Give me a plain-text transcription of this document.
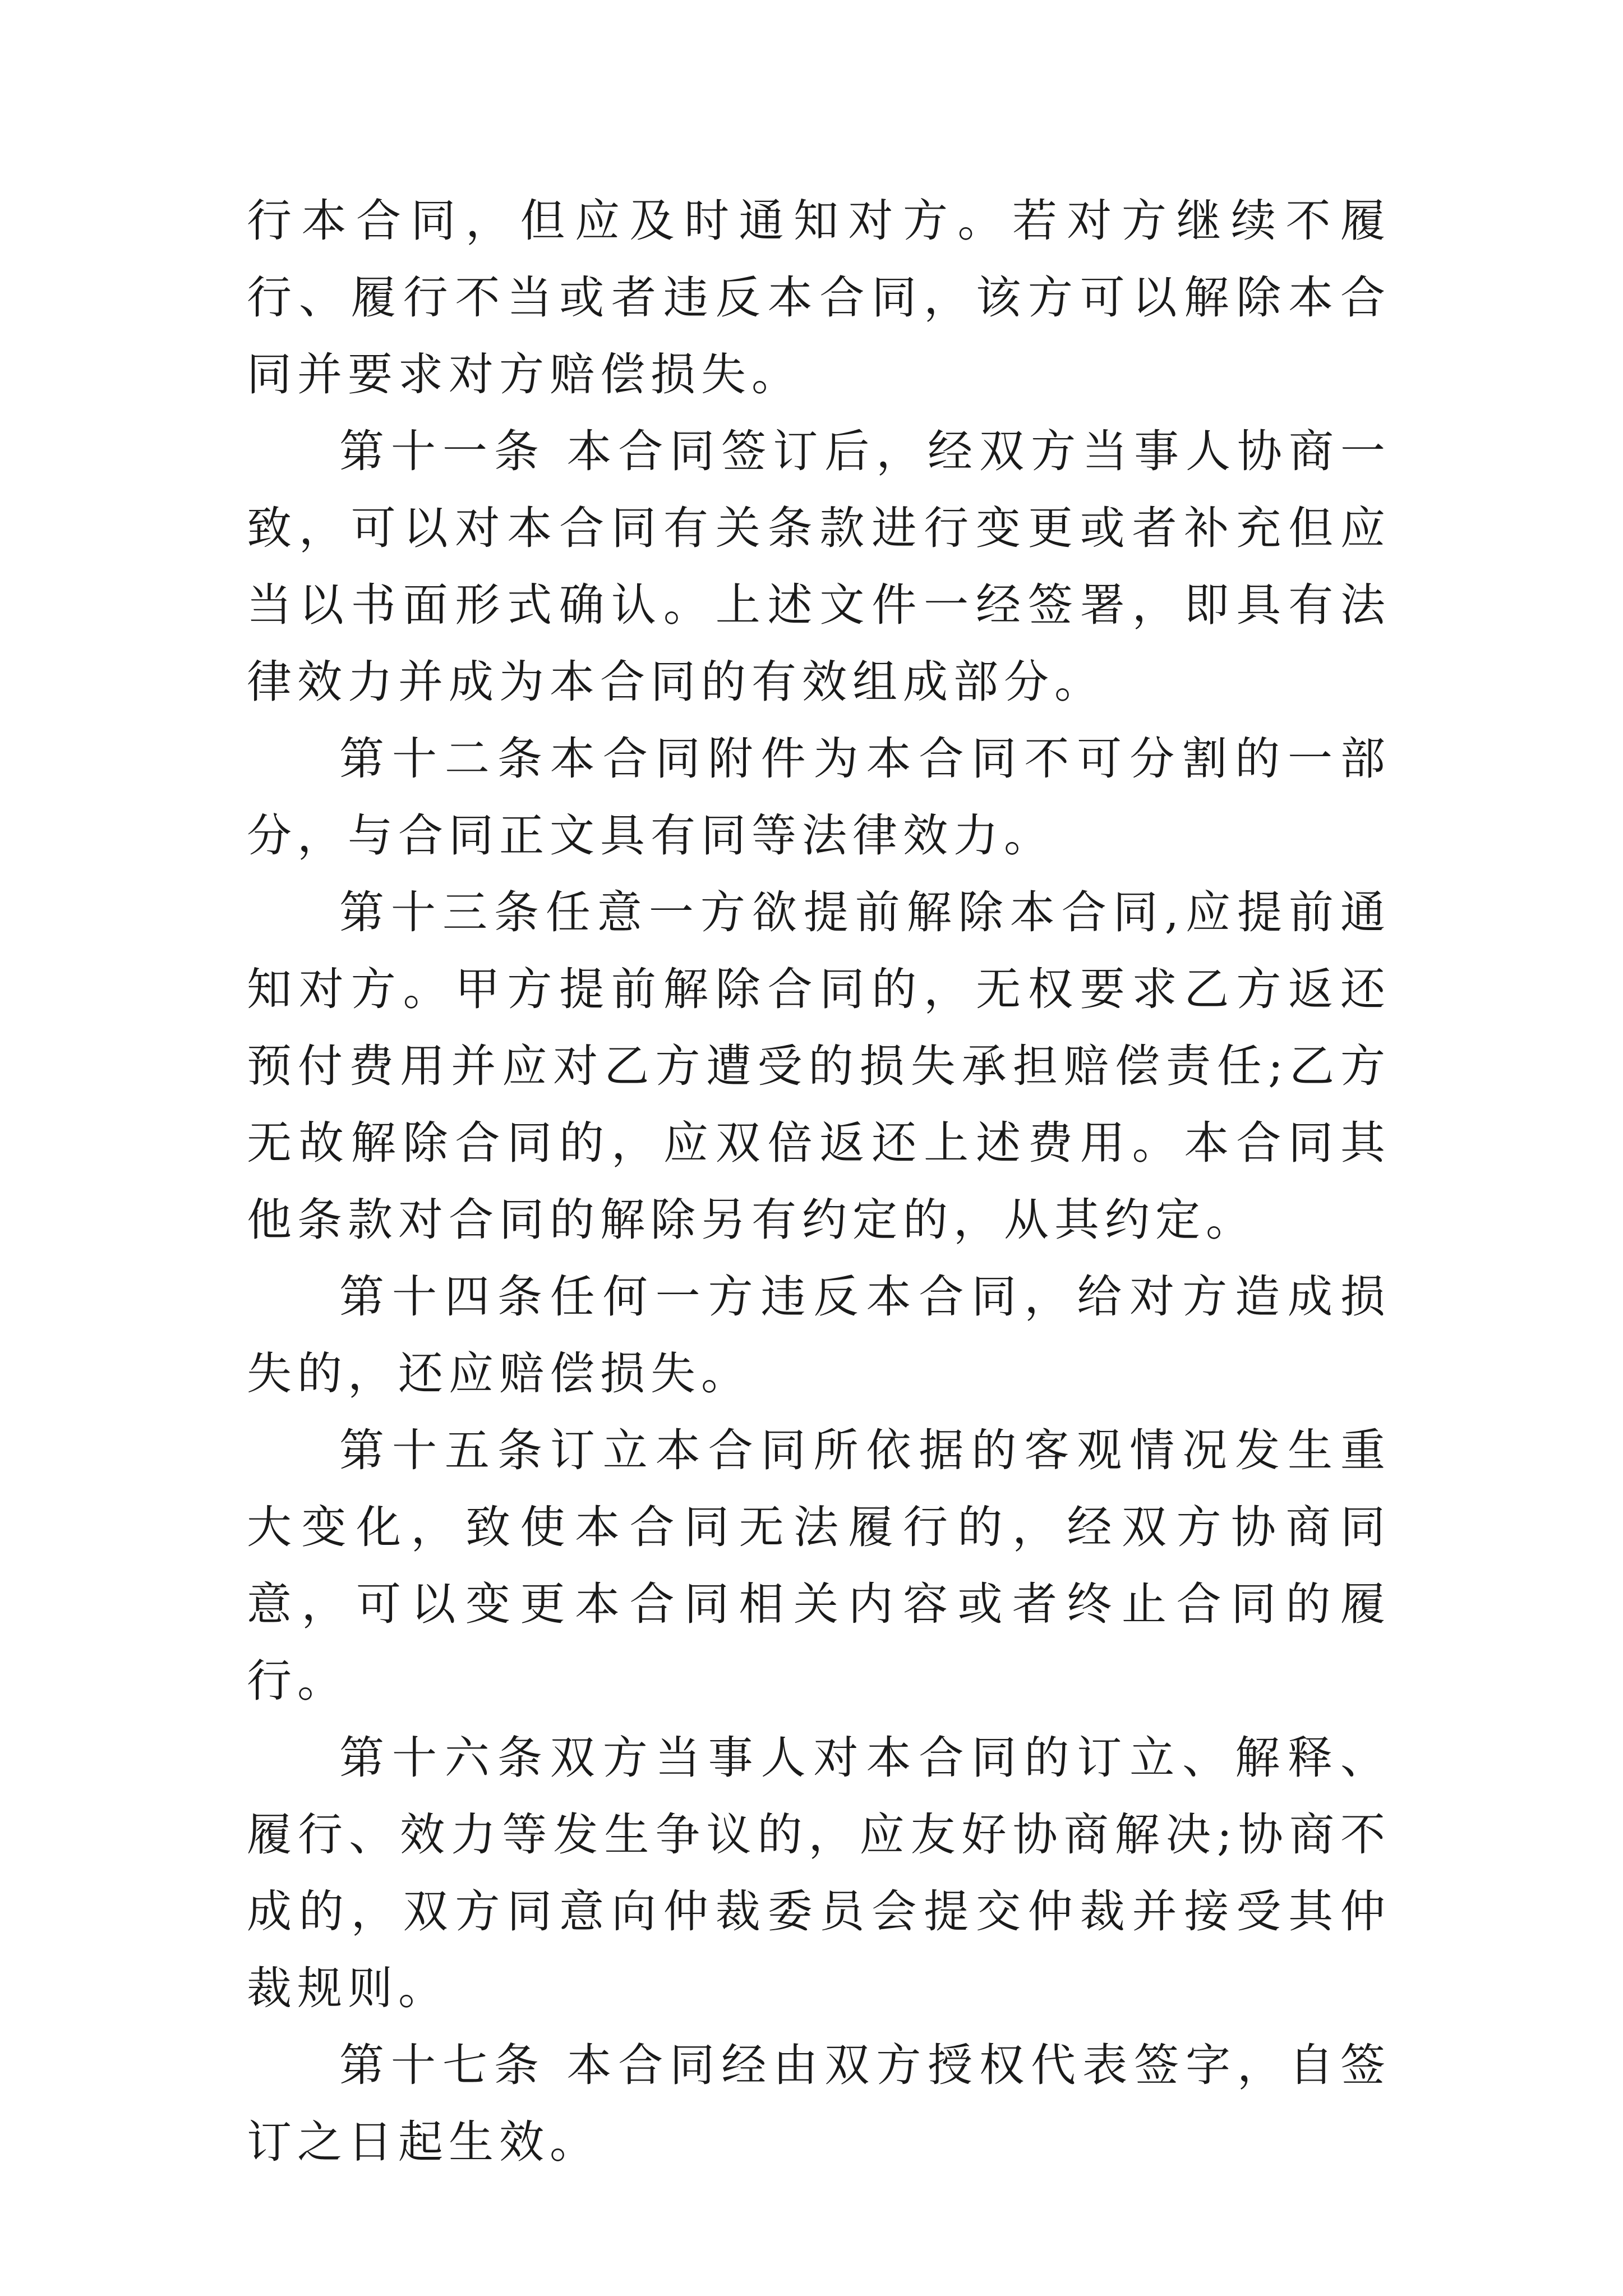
行本合同，但应及时通知对方。若对方继续不履行、履行不当或者违反本合同，该方可以解除本合同并要求对方赔偿损失。

第十一条 本合同签订后，经双方当事人协商一致，可以对本合同有关条款进行变更或者补充但应当以书面形式确认。上述文件一经签署，即具有法律效力并成为本合同的有效组成部分。

第十二条本合同附件为本合同不可分割的一部分，与合同正文具有同等法律效力。

第十三条任意一方欲提前解除本合同,应提前通知对方。甲方提前解除合同的，无权要求乙方返还预付费用并应对乙方遭受的损失承担赔偿责任;乙方无故解除合同的，应双倍返还上述费用。本合同其他条款对合同的解除另有约定的，从其约定。

第十四条任何一方违反本合同，给对方造成损失的，还应赔偿损失。

第十五条订立本合同所依据的客观情况发生重大变化，致使本合同无法履行的，经双方协商同意，可以变更本合同相关内容或者终止合同的履行。

第十六条双方当事人对本合同的订立、解释、履行、效力等发生争议的，应友好协商解决;协商不成的，双方同意向仲裁委员会提交仲裁并接受其仲裁规则。

第十七条 本合同经由双方授权代表签字，自签订之日起生效。
